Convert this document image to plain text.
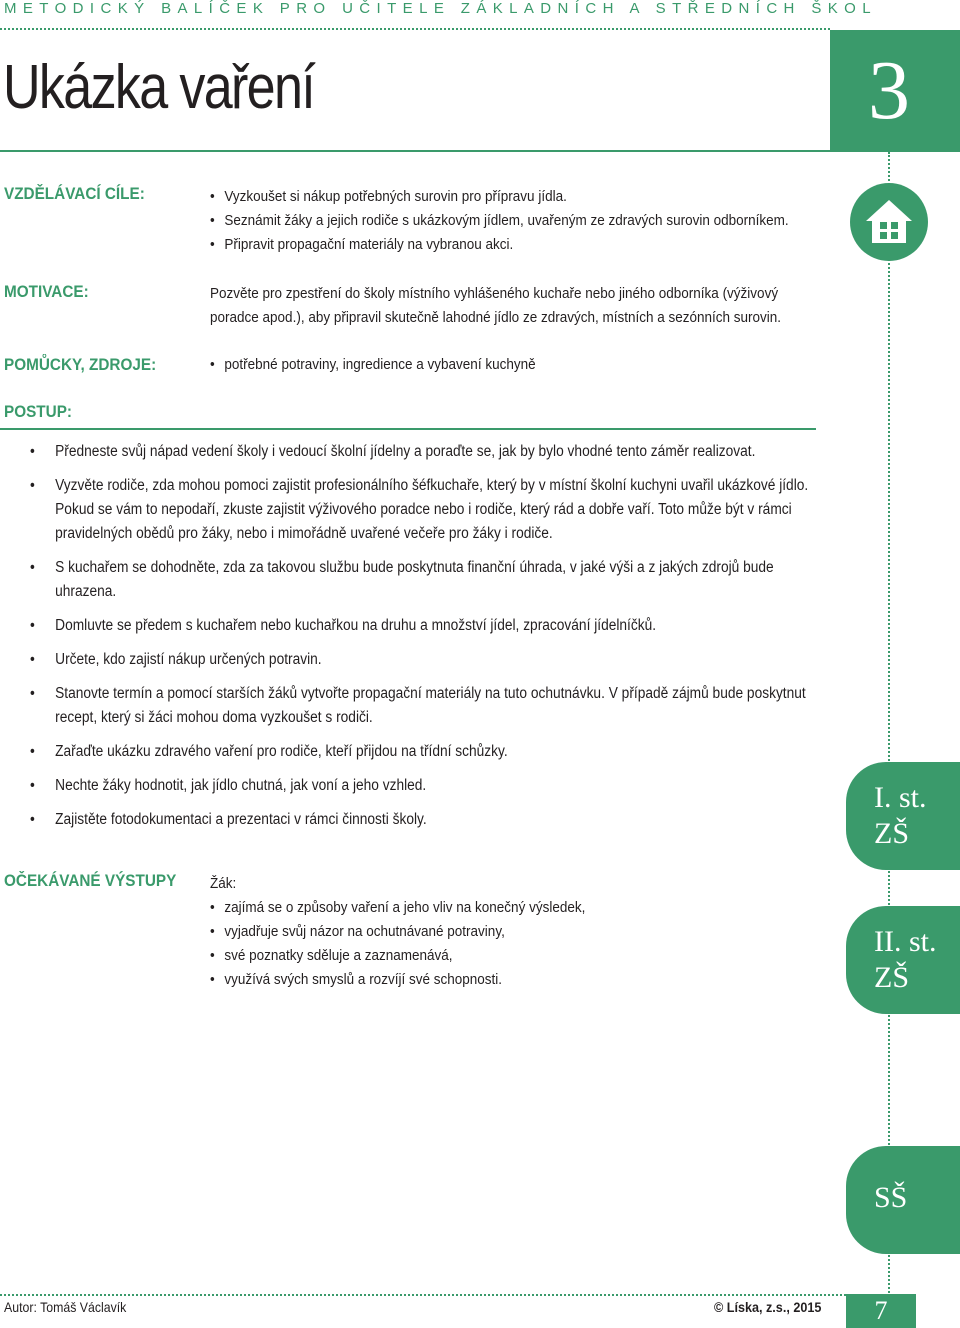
METODICKÝ BALÍČEK PRO UČITELE ZÁKLADNÍCH A STŘEDNÍCH ŠKOL
Ukázka vaření	3
VZDĚLÁVACÍ CÍLE:	• Vyzkoušet si nákup potřebných surovin pro přípravu jídla.
• Seznámit žáky a jejich rodiče s ukázkovým jídlem, uvařeným ze zdravých surovin odborníkem.
• Připravit propagační materiály na vybranou akci.
MOTIVACE:	Pozvěte pro zpestření do školy místního vyhlášeného kuchaře nebo jiného odborníka (výživový poradce apod.), aby připravil skutečně lahodné jídlo ze zdravých, místních a sezónních surovin.

POMŮCKY, ZDROJE:	• potřebné potraviny, ingredience a vybavení kuchyně
POSTUP:
• Předneste svůj nápad vedení školy i vedoucí školní jídelny a poraďte se, jak by bylo vhodné tento záměr realizovat.
• Vyzvěte rodiče, zda mohou pomoci zajistit profesionálního šéfkuchaře, který by v místní školní kuchyni uvařil ukázkové jídlo. Pokud se vám to nepodaří, zkuste zajistit výživového poradce nebo i rodiče, který rád a dobře vaří. Toto může být v rámci pravidelných obědů pro žáky, nebo i mimořádně uvařené večeře pro žáky i rodiče.
• S kuchařem se dohodněte, zda za takovou službu bude poskytnuta finanční úhrada, v jaké výši a z jakých zdrojů bude uhrazena.
• Domluvte se předem s kuchařem nebo kuchařkou na druhu a množství jídel, zpracování jídelníčků.
• Určete, kdo zajistí nákup určených potravin.
• Stanovte termín a pomocí starších žáků vytvořte propagační materiály na tuto ochutnávku. V případě zájmů bude poskytnut recept, který si žáci mohou doma vyzkoušet s rodiči.
• Zařaďte ukázku zdravého vaření pro rodiče, kteří přijdou na třídní schůzky.
• Nechte žáky hodnotit, jak jídlo chutná, jak voní a jeho vzhled.
• Zajistěte fotodokumentaci a prezentaci v rámci činnosti školy.
OČEKÁVANÉ VÝSTUPY Žák:
• zajímá se o způsoby vaření a jeho vliv na konečný výsledek,
• vyjadřuje svůj názor na ochutnávané potraviny,
• své poznatky sděluje a zaznamenává,
• využívá svých smyslů a rozvíjí své schopnosti.
I. st.
ZŠ
II. st.
ZŠ
SŠ
Autor: Tomáš Václavík	© Líska, z.s., 2015	7
